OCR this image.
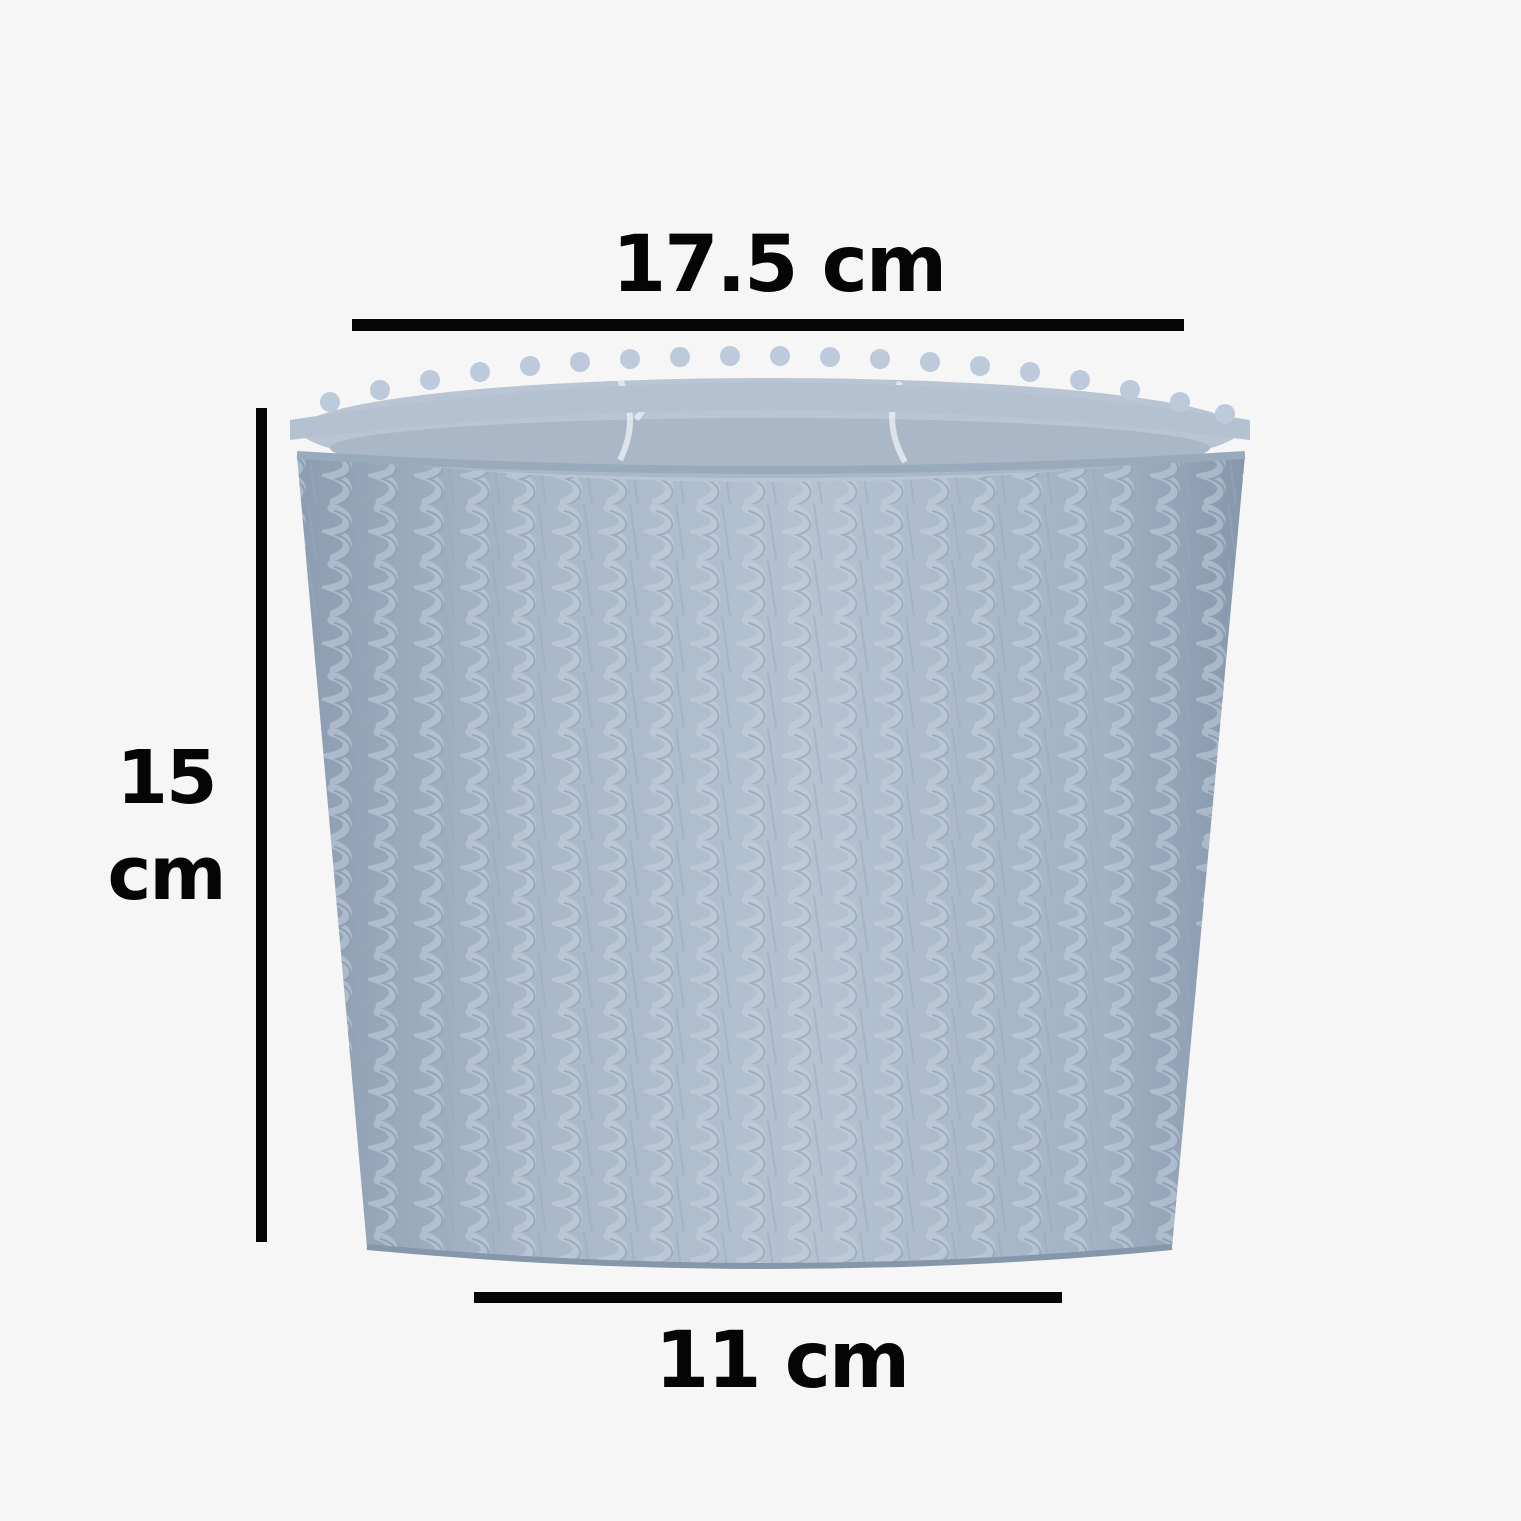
17.5 cm
15
cm
11 cm
